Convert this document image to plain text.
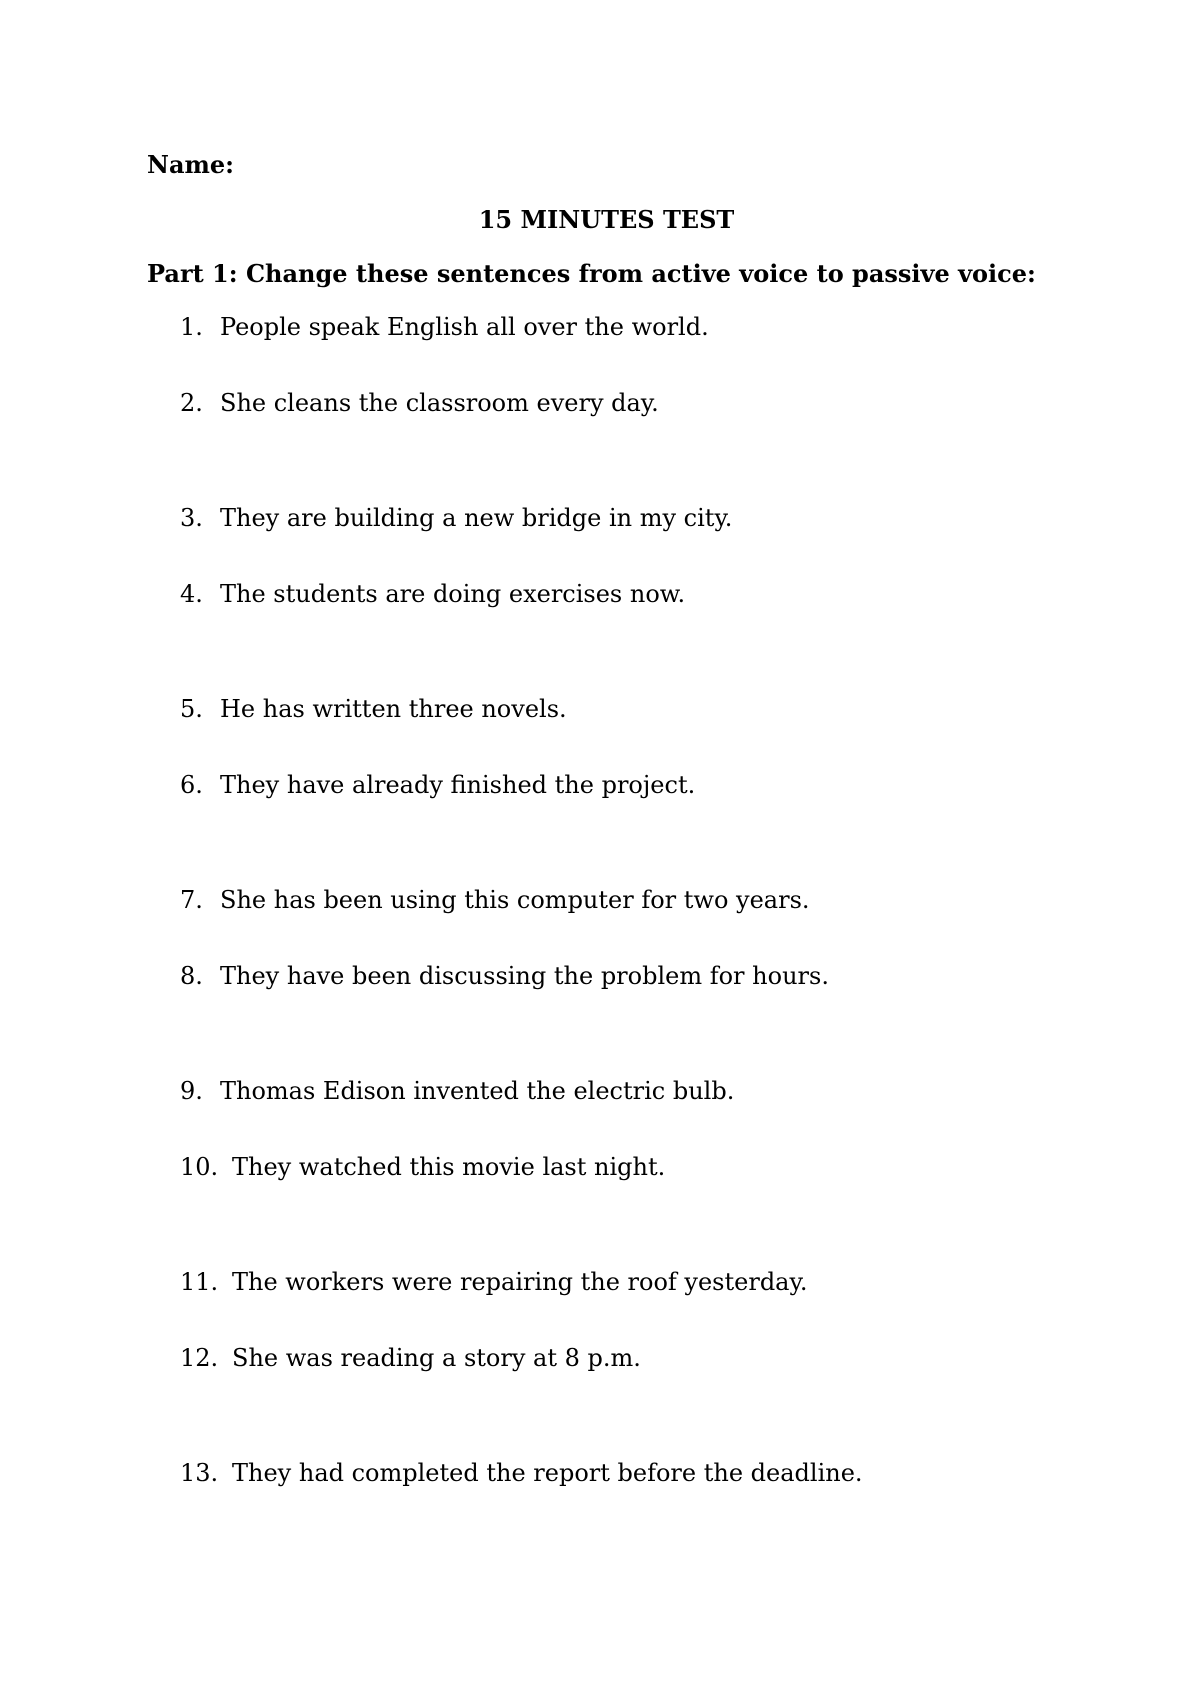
Name:
15 MINUTES TEST
Part 1: Change these sentences from active voice to passive voice:
1. People speak English all over the world.
2. She cleans the classroom every day.
3. They are building a new bridge in my city.
4. The students are doing exercises now.
5. He has written three novels.
6. They have already finished the project.
7. She has been using this computer for two years.
8. They have been discussing the problem for hours.
9. Thomas Edison invented the electric bulb.
10. They watched this movie last night.
11. The workers were repairing the roof yesterday.
12. She was reading a story at 8 p.m.
13. They had completed the report before the deadline.
